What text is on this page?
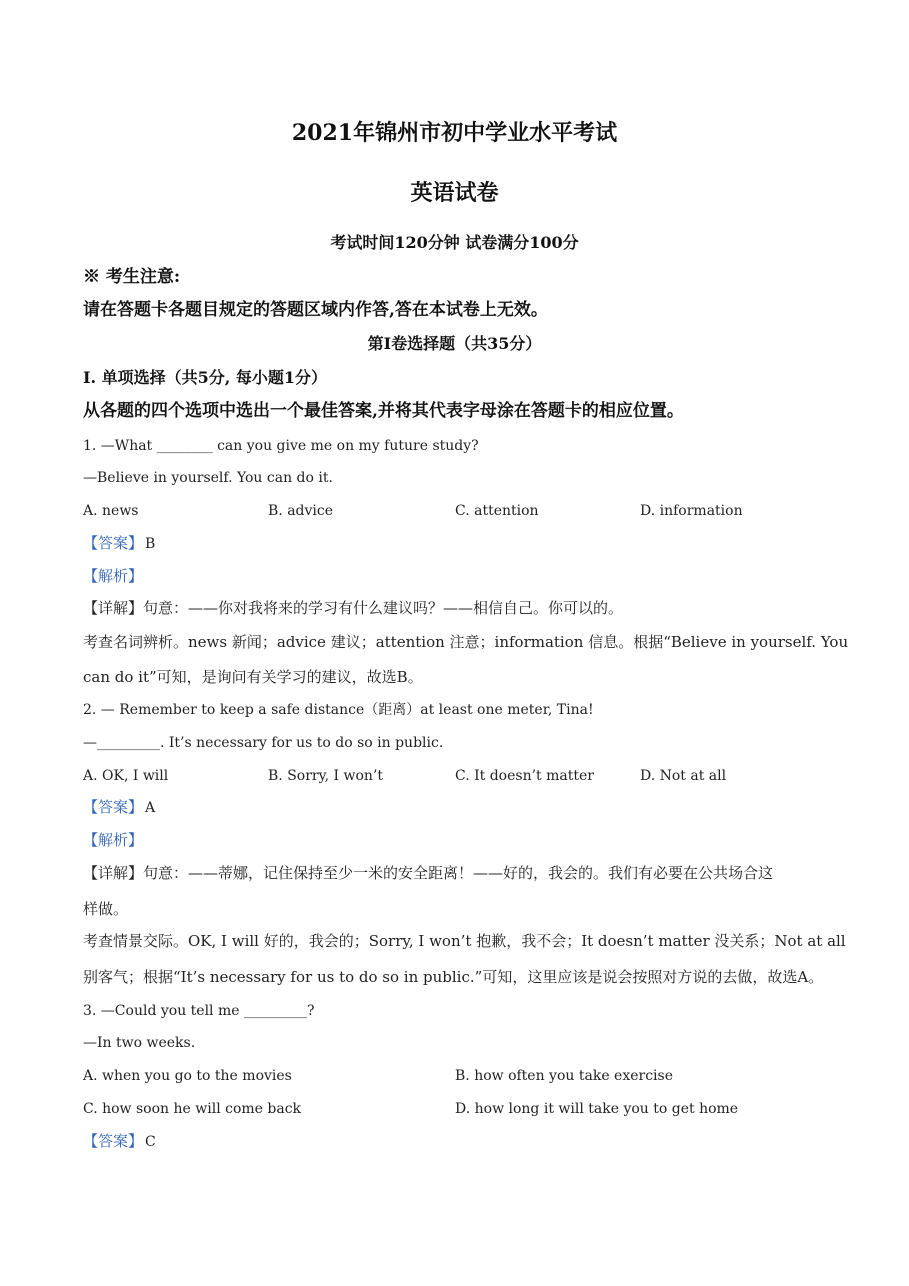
2021年锦州市初中学业水平考试
英语试卷
考试时间120分钟 试卷满分100分
※ 考生注意:
请在答题卡各题目规定的答题区域内作答,答在本试卷上无效。
第I卷选择题（共35分）
I. 单项选择（共5分, 每小题1分）
从各题的四个选项中选出一个最佳答案,并将其代表字母涂在答题卡的相应位置。
1. —What ________ can you give me on my future study?
—Believe in yourself. You can do it.
A. news	B. advice	C. attention	D. information
【答案】 B
【解析】
【详解】句意：——你对我将来的学习有什么建议吗？——相信自己。你可以的。
考查名词辨析。news 新闻；advice 建议；attention 注意；information 信息。根据“Believe in yourself. You
can do it”可知，是询问有关学习的建议，故选B。
2. — Remember to keep a safe distance（距离）at least one meter, Tina!
—_________. It’s necessary for us to do so in public.
A. OK, I will	B. Sorry, I won’t	C. It doesn’t matter	D. Not at all
【答案】 A
【解析】
【详解】句意：——蒂娜，记住保持至少一米的安全距离！——好的，我会的。我们有必要在公共场合这
样做。
考查情景交际。OK, I will 好的，我会的；Sorry, I won’t 抱歉，我不会；It doesn’t matter 没关系；Not at all
别客气；根据“It’s necessary for us to do so in public.”可知，这里应该是说会按照对方说的去做，故选A。
3. —Could you tell me _________?
—In two weeks.
A. when you go to the movies	B. how often you take exercise
C. how soon he will come back	D. how long it will take you to get home
【答案】 C
